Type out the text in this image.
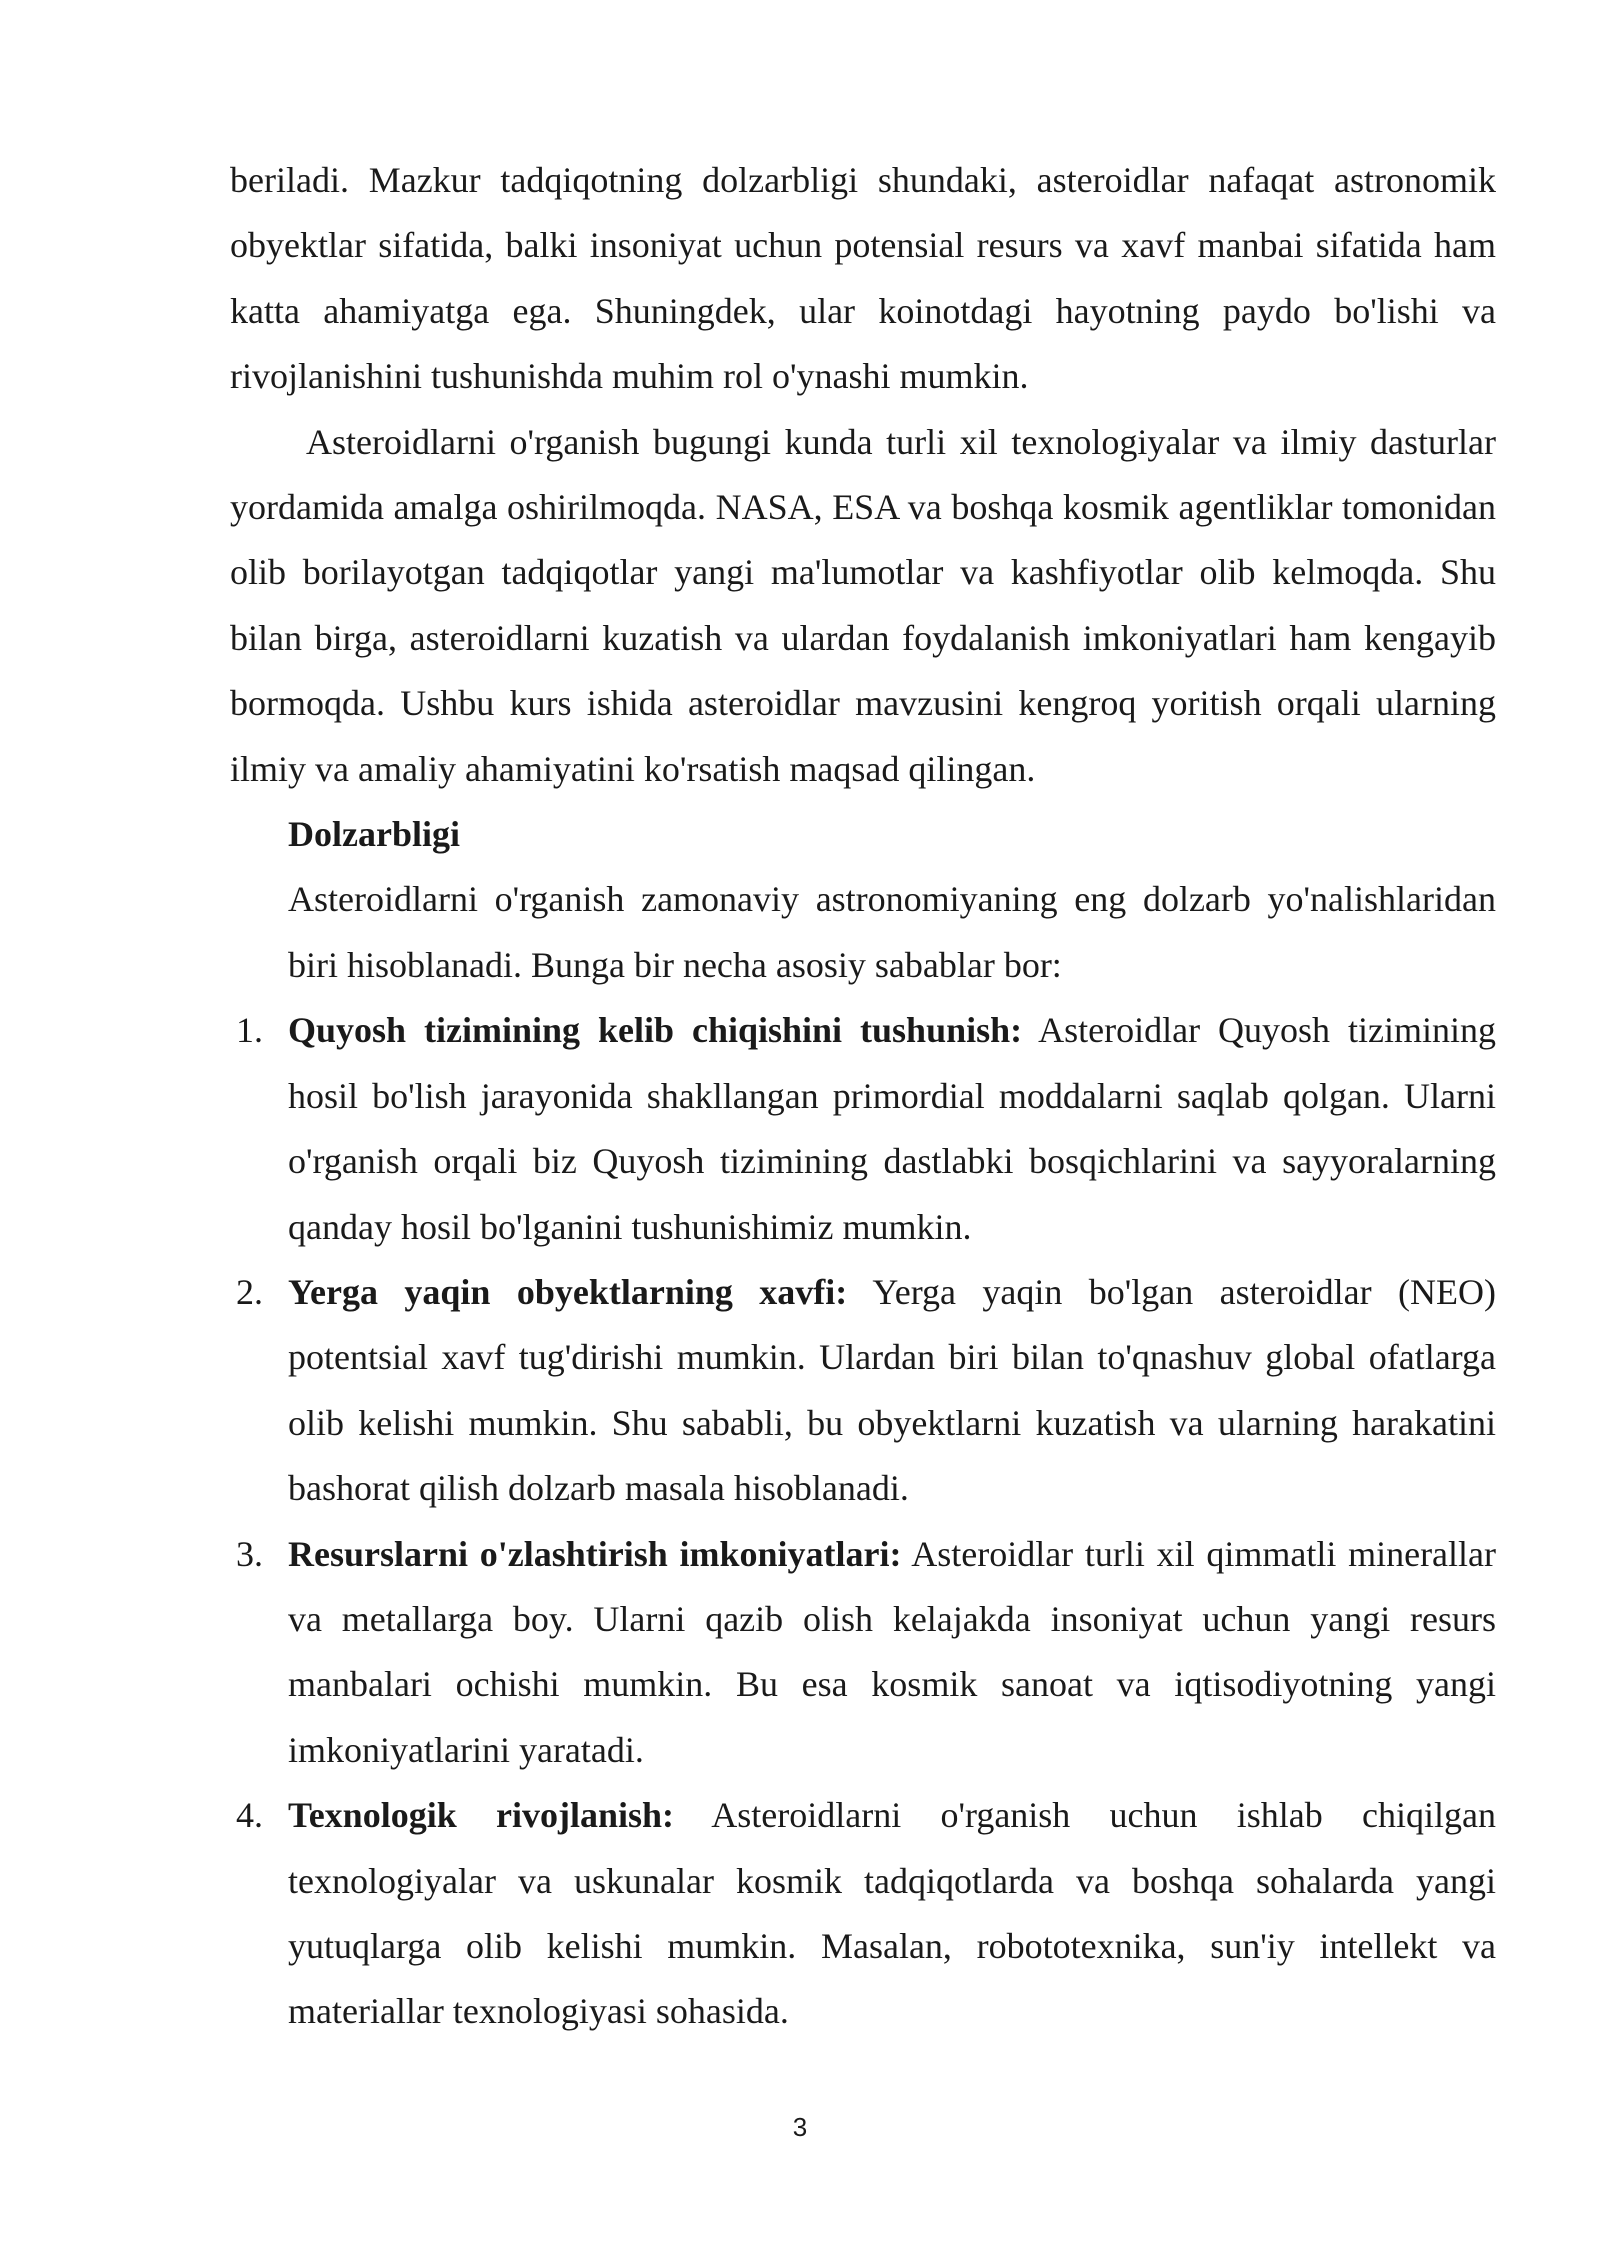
beriladi. Mazkur tadqiqotning dolzarbligi shundaki, asteroidlar nafaqat astronomik obyektlar sifatida, balki insoniyat uchun potensial resurs va xavf manbai sifatida ham katta ahamiyatga ega. Shuningdek, ular koinotdagi hayotning paydo bo'lishi va rivojlanishini tushunishda muhim rol o'ynashi mumkin.

Asteroidlarni o'rganish bugungi kunda turli xil texnologiyalar va ilmiy dasturlar yordamida amalga oshirilmoqda. NASA, ESA va boshqa kosmik agentliklar tomonidan olib borilayotgan tadqiqotlar yangi ma'lumotlar va kashfiyotlar olib kelmoqda. Shu bilan birga, asteroidlarni kuzatish va ulardan foydalanish imkoniyatlari ham kengayib bormoqda. Ushbu kurs ishida asteroidlar mavzusini kengroq yoritish orqali ularning ilmiy va amaliy ahamiyatini ko'rsatish maqsad qilingan.

Dolzarbligi

Asteroidlarni o'rganish zamonaviy astronomiyaning eng dolzarb yo'nalishlaridan biri hisoblanadi. Bunga bir necha asosiy sabablar bor:

1. Quyosh tizimining kelib chiqishini tushunish: Asteroidlar Quyosh tizimining hosil bo'lish jarayonida shakllangan primordial moddalarni saqlab qolgan. Ularni o'rganish orqali biz Quyosh tizimining dastlabki bosqichlarini va sayyoralarning qanday hosil bo'lganini tushunishimiz mumkin.
2. Yerga yaqin obyektlarning xavfi: Yerga yaqin bo'lgan asteroidlar (NEO) potentsial xavf tug'dirishi mumkin. Ulardan biri bilan to'qnashuv global ofatlarga olib kelishi mumkin. Shu sababli, bu obyektlarni kuzatish va ularning harakatini bashorat qilish dolzarb masala hisoblanadi.
3. Resurslarni o'zlashtirish imkoniyatlari: Asteroidlar turli xil qimmatli minerallar va metallarga boy. Ularni qazib olish kelajakda insoniyat uchun yangi resurs manbalari ochishi mumkin. Bu esa kosmik sanoat va iqtisodiyotning yangi imkoniyatlarini yaratadi.
4. Texnologik rivojlanish: Asteroidlarni o'rganish uchun ishlab chiqilgan texnologiyalar va uskunalar kosmik tadqiqotlarda va boshqa sohalarda yangi yutuqlarga olib kelishi mumkin. Masalan, robototexnika, sun'iy intellekt va materiallar texnologiyasi sohasida.
3
